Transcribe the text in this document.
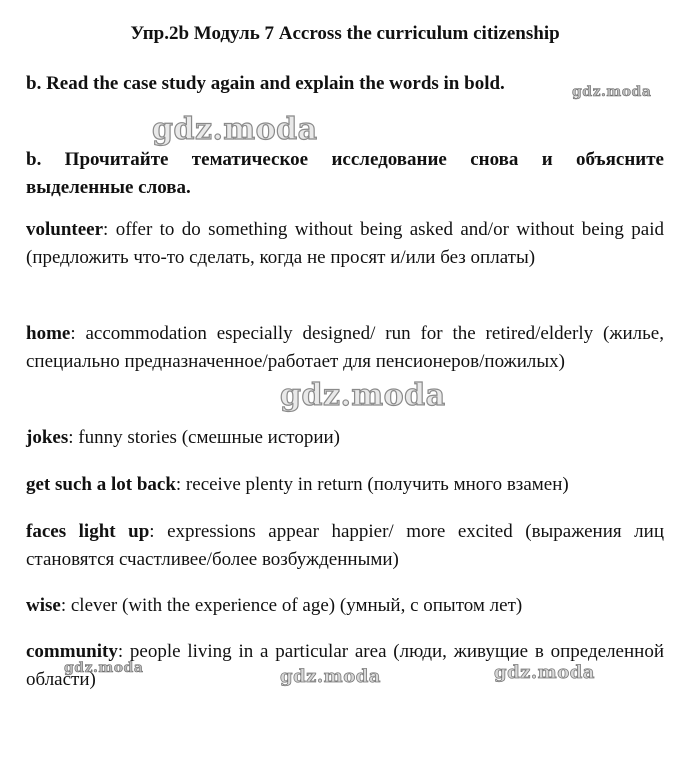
Упр.2b Модуль 7 Accross the curriculum citizenship
b. Read the case study again and explain the words in bold.
b. Прочитайте тематическое исследование снова и объясните выделенные слова.
volunteer: offer to do something without being asked and/or without being paid (предложить что-то сделать, когда не просят и/или без оплаты)
home: accommodation especially designed/ run for the retired/elderly (жилье, специально предназначенное/работает для пенсионеров/пожилых)
jokes: funny stories (смешные истории)
get such a lot back: receive plenty in return (получить много взамен)
faces light up: expressions appear happier/ more excited (выражения лиц становятся счастливее/более возбужденными)
wise: clever (with the experience of age) (умный, с опытом лет)
community: people living in a particular area (люди, живущие в определенной области)
gdz.moda
gdz.moda
gdz.moda
gdz.moda	gdz.moda	gdz.moda
